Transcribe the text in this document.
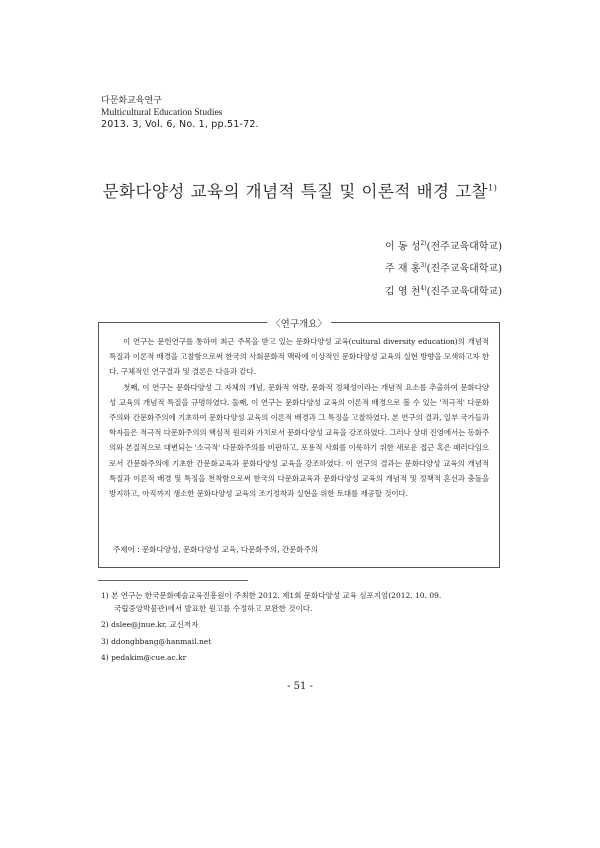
다문화교육연구
Multicultural Education Studies
2013. 3, Vol. 6, No. 1, pp.51-72.
문화다양성 교육의 개념적 특질 및 이론적 배경 고찰$^{1)}$
이 동 성$^{2)}$(전주교육대학교)
주 재 홍$^{3)}$(진주교육대학교)
김 영 천$^{4)}$(진주교육대학교)
〈연구개요〉

이 연구는 문헌연구를 통하여 최근 주목을 받고 있는 문화다양성 교육(cultural diversity education)의 개념적 특질과 이론적 배경을 고찰함으로써 한국의 사회문화적 맥락에 이상적인 문화다양성 교육의 실현 방향을 모색하고자 한다. 구체적인 연구결과 및 결론은 다음과 같다.

첫째, 이 연구는 문화다양성 그 자체의 개념, 문화적 역량, 문화적 정체성이라는 개념적 요소를 추출하여 문화다양성 교육의 개념적 특질을 규명하였다. 둘째, 이 연구는 문화다양성 교육의 이론적 배경으로 볼 수 있는 '적극적' 다문화주의와 간문화주의에 기초하여 문화다양성 교육의 이론적 배경과 그 특징을 고찰하였다. 본 연구의 결과, 일부 국가들과 학자들은 적극적 다문화주의의 핵심적 원리와 가치로서 문화다양성 교육을 강조하였다. 그러나 상대 진영에서는 동화주의와 본질적으로 대변되는 '소극적' 다문화주의를 비판하고, 포용적 사회를 이룩하기 위한 새로운 접근 혹은 패러다임으로서 간문화주의에 기초한 간문화교육과 문화다양성 교육을 강조하였다. 이 연구의 결과는 문화다양성 교육의 개념적 특질과 이론적 배경 및 특징을 천착함으로써 한국의 다문화교육과 문화다양성 교육의 개념적 및 정책적 혼선과 충돌을 방지하고, 아직까지 생소한 문화다양성 교육의 조기정착과 실현을 위한 토대를 제공할 것이다.

주제어 : 문화다양성, 문화다양성 교육, 다문화주의, 간문화주의
1) 본 연구는 한국문화예술교육진흥원이 주최한 2012. 제1회 문화다양성 교육 심포지엄(2012. 10. 09.
국립중앙박물관)에서 발표한 원고를 수정하고 보완한 것이다.
2) dslee@jnue.kr, 교신저자
3) ddongbbang@hanmail.net
4) pedakim@cue.ac.kr
- 51 -
